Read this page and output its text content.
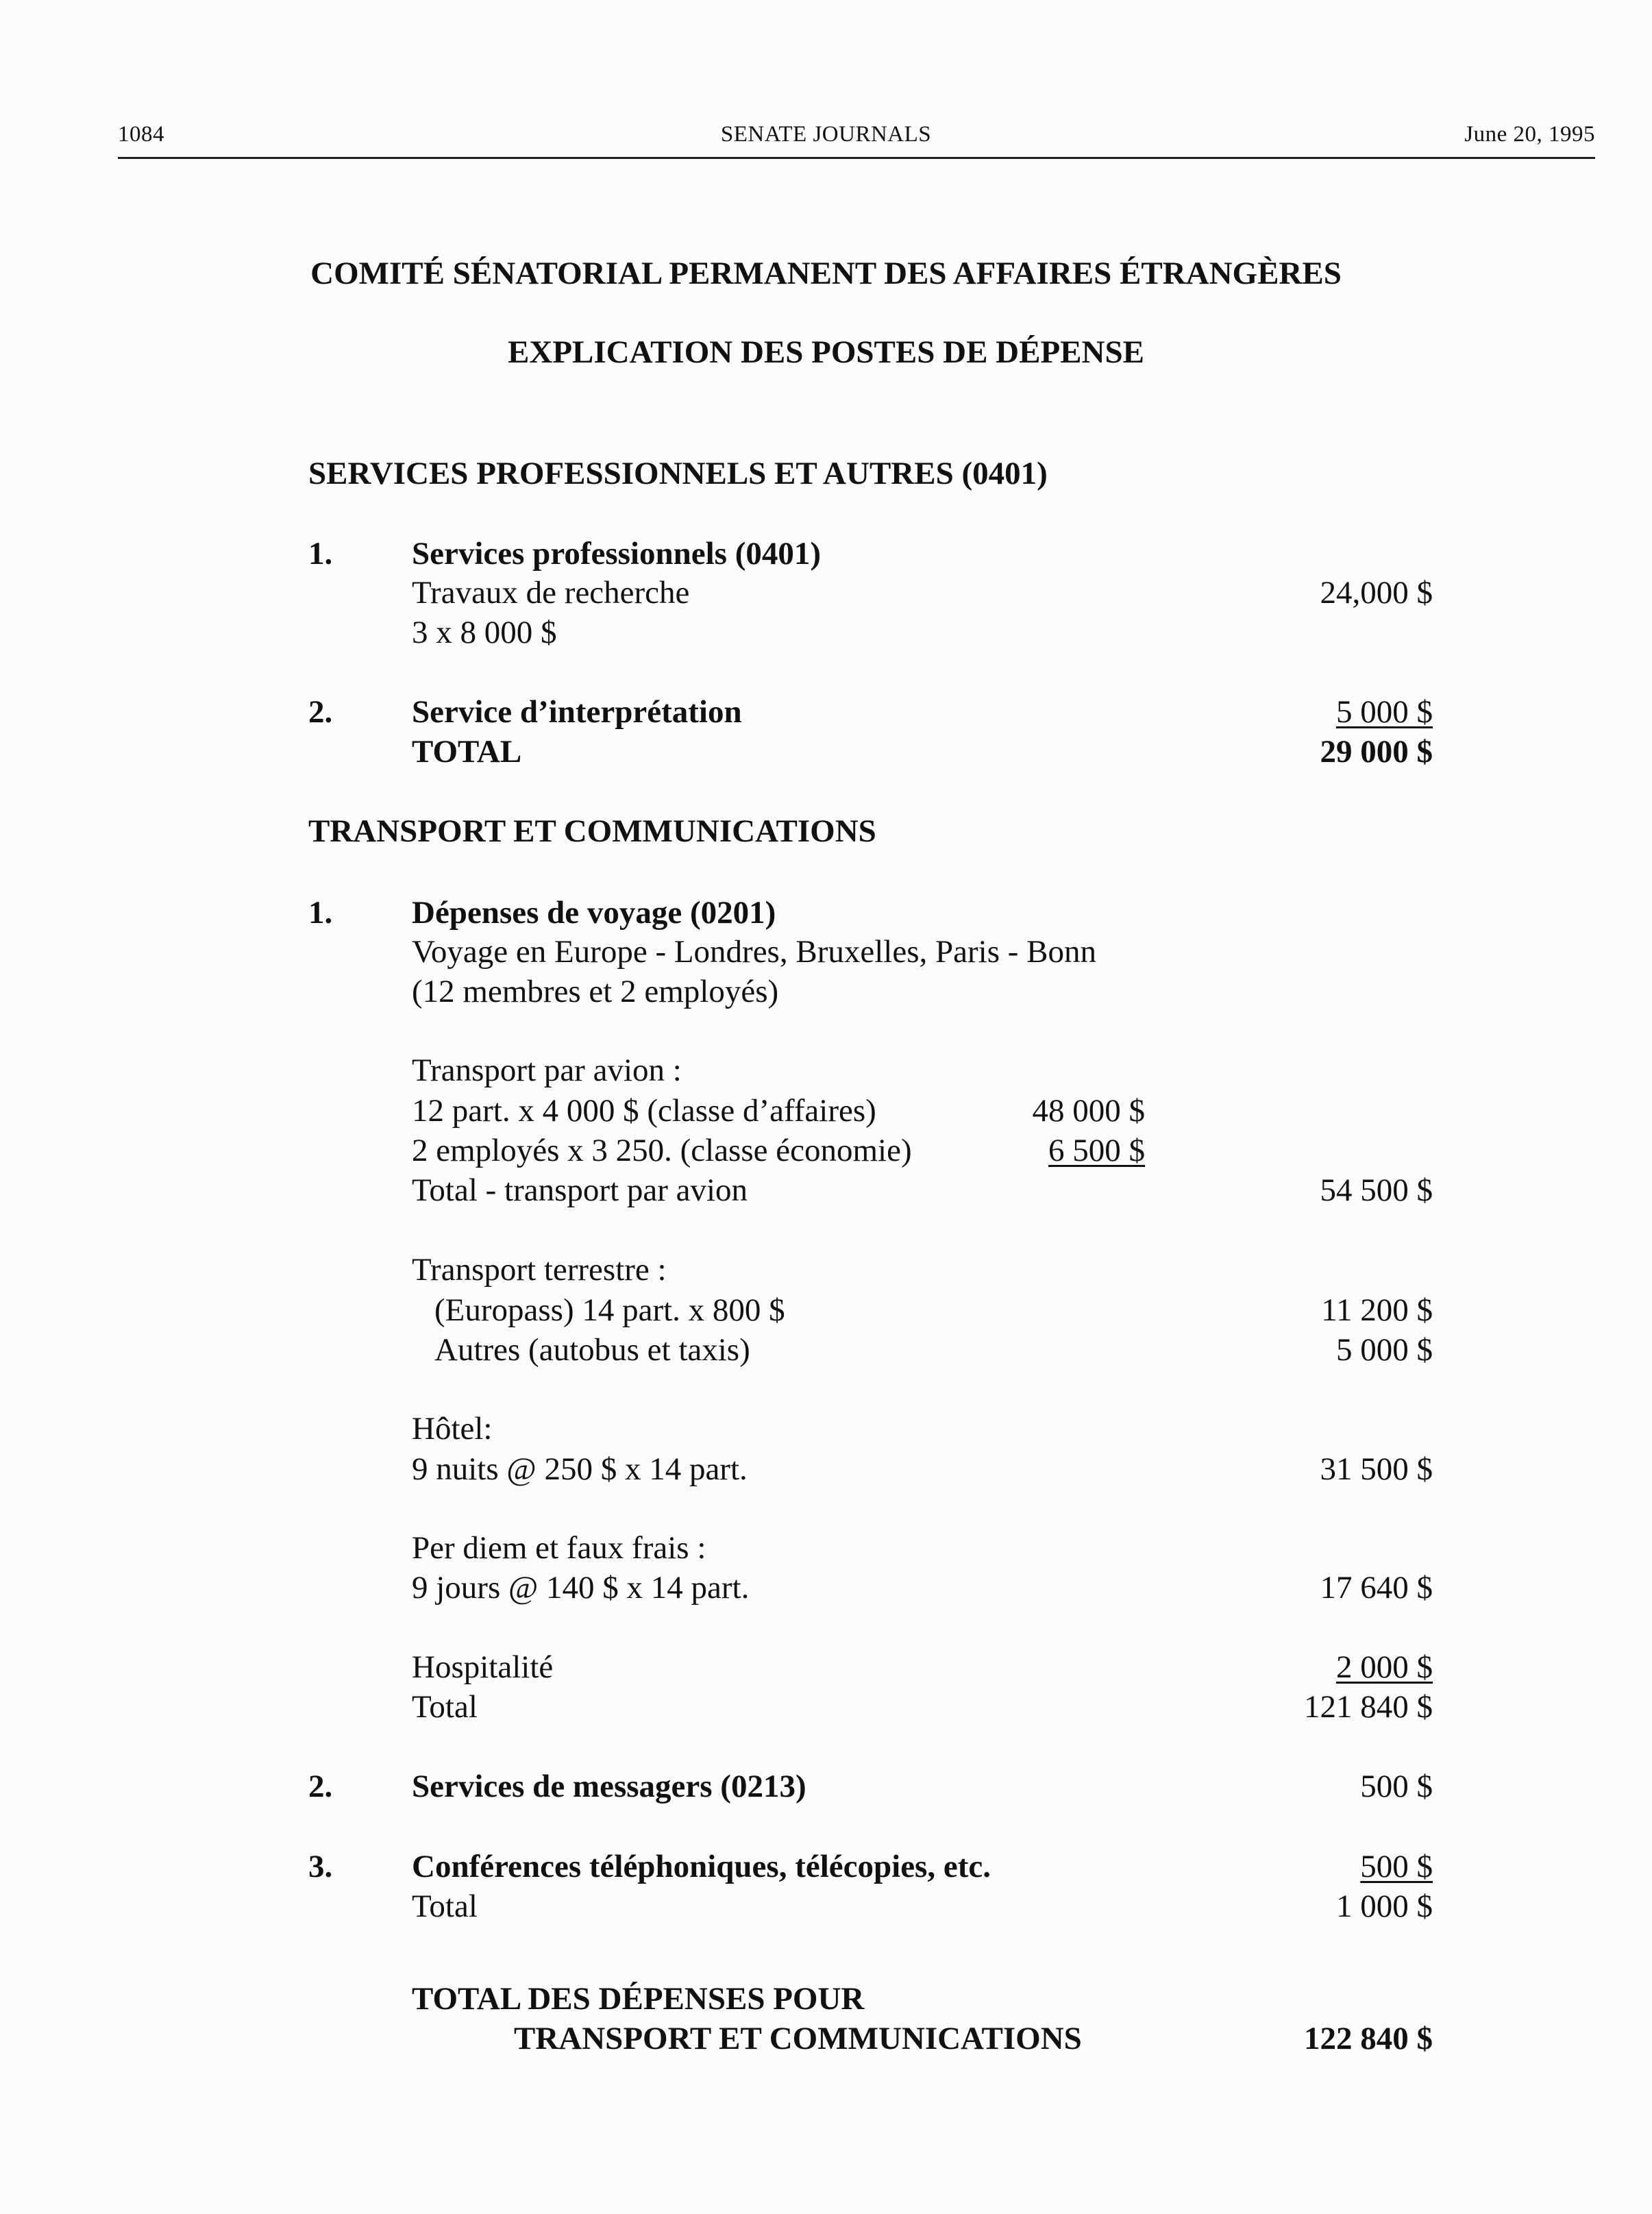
1084	SENATE JOURNALS	June 20, 1995
COMITÉ SÉNATORIAL PERMANENT DES AFFAIRES ÉTRANGÈRES
EXPLICATION DES POSTES DE DÉPENSE
SERVICES PROFESSIONNELS ET AUTRES (0401)
1. Services professionnels (0401)
Travaux de recherche	24,000 $
3 x 8 000 $
2. Service d’interprétation	5 000 $
TOTAL	29 000 $
TRANSPORT ET COMMUNICATIONS
1. Dépenses de voyage (0201)
Voyage en Europe - Londres, Bruxelles, Paris - Bonn
(12 membres et 2 employés)
Transport par avion :
12 part. x 4 000 $ (classe d’affaires)	48 000 $
2 employés x 3 250. (classe économie)	6 500 $
Total - transport par avion	54 500 $
Transport terrestre :
(Europass) 14 part. x 800 $	11 200 $
Autres (autobus et taxis)	5 000 $
Hôtel:
9 nuits @ 250 $ x 14 part.	31 500 $
Per diem et faux frais :
9 jours @ 140 $ x 14 part.	17 640 $
Hospitalité	2 000 $
Total	121 840 $
2. Services de messagers (0213)	500 $
3. Conférences téléphoniques, télécopies, etc.	500 $
Total	1 000 $
TOTAL DES DÉPENSES POUR
TRANSPORT ET COMMUNICATIONS	122 840 $
